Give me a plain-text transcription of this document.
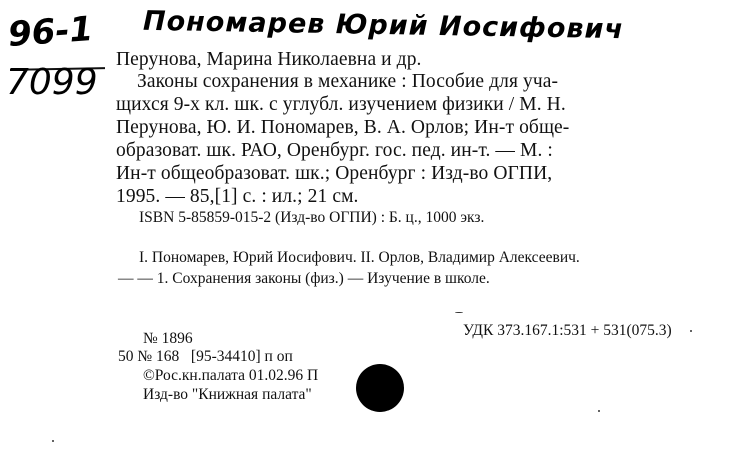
96-1
7099
Пономарев Юрий Иосифович
Перунова, Марина Николаевна и др.
Законы сохранения в механике : Пособие для уча-
щихся 9-х кл. шк. с углубл. изучением физики / М. Н.
Перунова, Ю. И. Пономарев, В. А. Орлов; Ин-т обще-
образоват. шк. РАО, Оренбург. гос. пед. ин-т. — М. :
Ин-т общеобразоват. шк.; Оренбург : Изд-во ОГПИ,
1995. — 85,[1] с. : ил.; 21 см.
ISBN 5-85859-015-2 (Изд-во ОГПИ) : Б. ц., 1000 экз.
I. Пономарев, Юрий Иосифович. II. Орлов, Владимир Алексеевич.
— — 1. Сохранения законы (физ.) — Изучение в школе.
№ 1896	УДК 373.167.1:531 + 531(075.3)
50 № 168   [95-34410] п оп
©Рос.кн.палата 01.02.96 П
Изд-во "Книжная палата"
